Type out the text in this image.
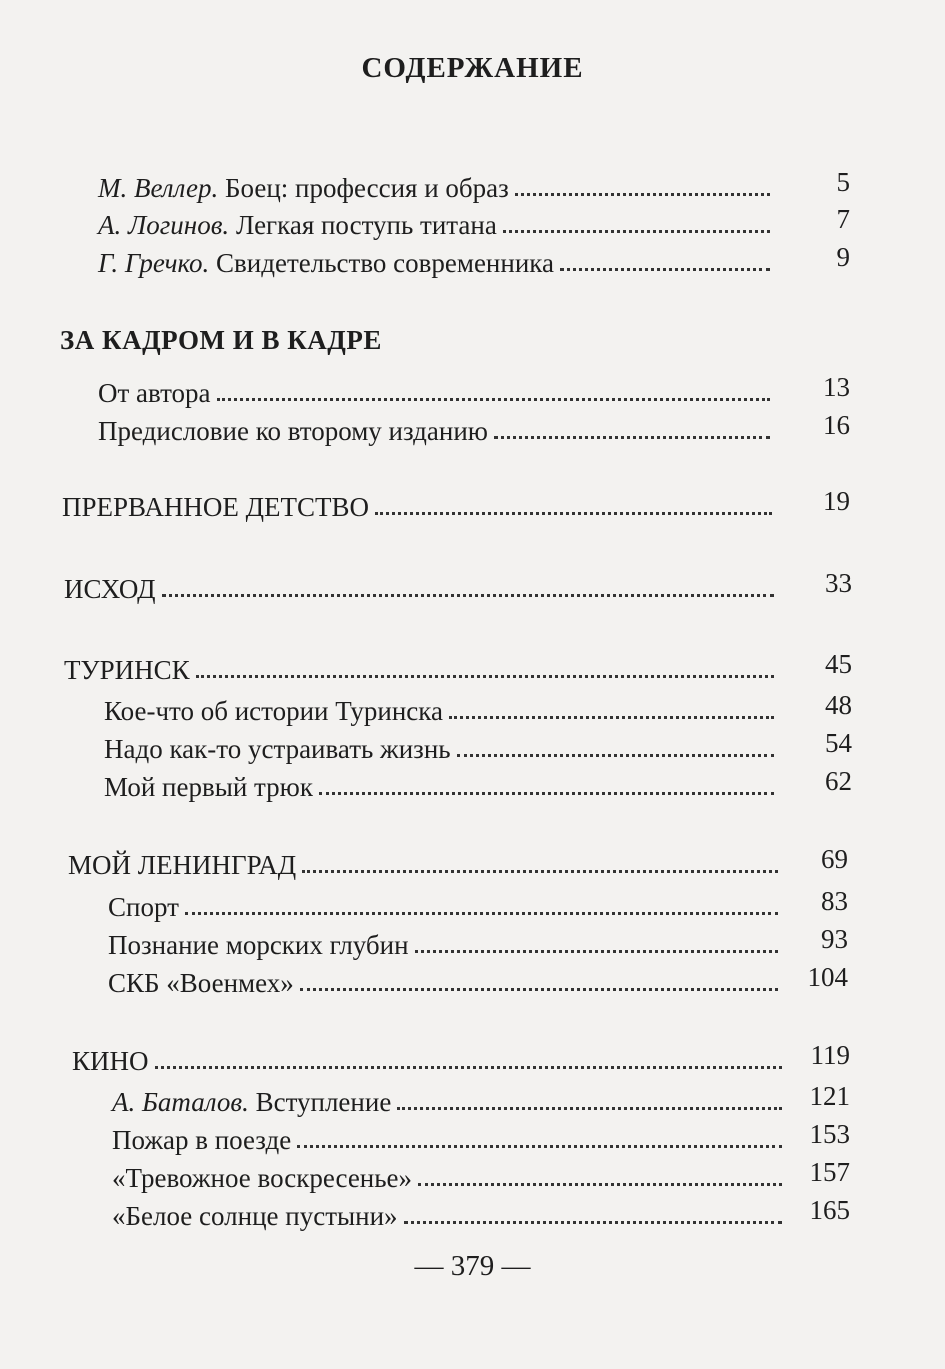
СОДЕРЖАНИЕ
М. Веллер. Боец: профессия и образ	5
А. Логинов. Легкая поступь титана	7
Г. Гречко. Свидетельство современника	9
ЗА КАДРОМ И В КАДРЕ
От автора	13
Предисловие ко второму изданию	16
ПРЕРВАННОЕ ДЕТСТВО	19
ИСХОД	33
ТУРИНСК	45
Кое-что об истории Туринска	48
Надо как-то устраивать жизнь	54
Мой первый трюк	62
МОЙ ЛЕНИНГРАД	69
Спорт	83
Познание морских глубин	93
СКБ «Военмех»	104
КИНО	119
А. Баталов. Вступление	121
Пожар в поезде	153
«Тревожное воскресенье»	157
«Белое солнце пустыни»	165
— 379 —
